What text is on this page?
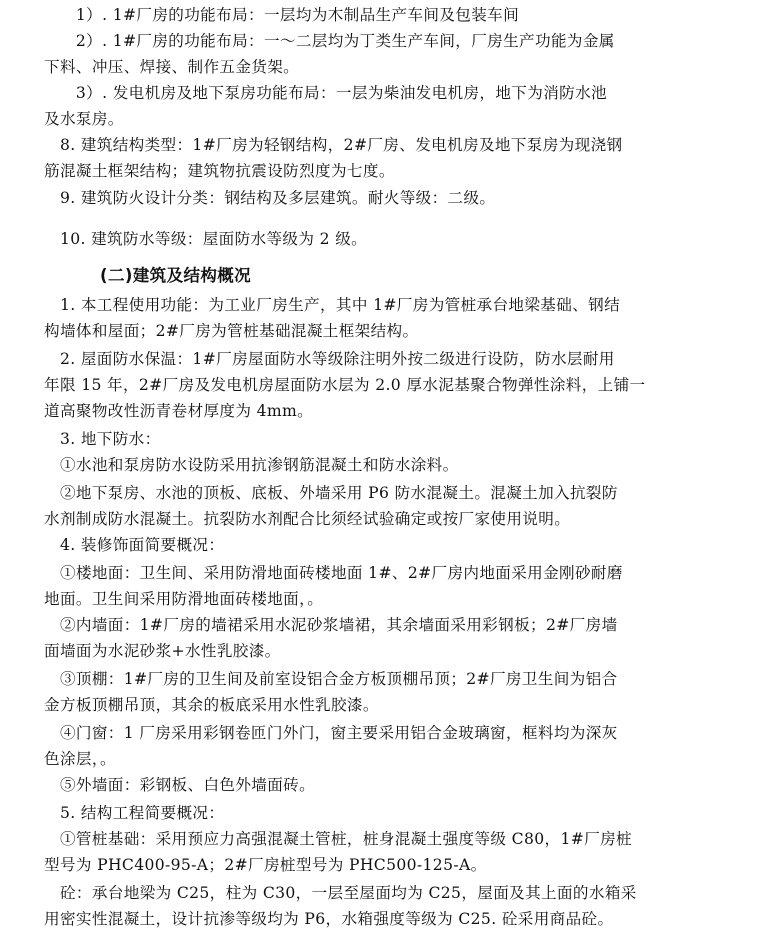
　　1）. 1#厂房的功能布局：一层均为木制品生产车间及包装车间
　　2）. 1#厂房的功能布局：一～二层均为丁类生产车间，厂房生产功能为金属
下料、冲压、焊接、制作五金货架。
　　3）. 发电机房及地下泵房功能布局：一层为柴油发电机房，地下为消防水池
及水泵房。
　8. 建筑结构类型：1#厂房为轻钢结构，2#厂房、发电机房及地下泵房为现浇钢
筋混凝土框架结构；建筑物抗震设防烈度为七度。
　9. 建筑防火设计分类：钢结构及多层建筑。耐火等级：二级。
　10. 建筑防水等级：屋面防水等级为 2 级。
(二)建筑及结构概况
　1. 本工程使用功能：为工业厂房生产，其中 1#厂房为管桩承台地梁基础、钢结
构墙体和屋面；2#厂房为管桩基础混凝土框架结构。
　2. 屋面防水保温：1#厂房屋面防水等级除注明外按二级进行设防，防水层耐用
年限 15 年，2#厂房及发电机房屋面防水层为 2.0 厚水泥基聚合物弹性涂料，上铺一
道高聚物改性沥青卷材厚度为 4mm。
　3. 地下防水：
　①水池和泵房防水设防采用抗渗钢筋混凝土和防水涂料。
　②地下泵房、水池的顶板、底板、外墙采用 P6 防水混凝土。混凝土加入抗裂防
水剂制成防水混凝土。抗裂防水剂配合比须经试验确定或按厂家使用说明。
　4. 装修饰面简要概况：
　①楼地面：卫生间、采用防滑地面砖楼地面 1#、2#厂房内地面采用金刚砂耐磨
地面。卫生间采用防滑地面砖楼地面，。
　②内墙面：1#厂房的墙裙采用水泥砂浆墙裙，其余墙面采用彩钢板；2#厂房墙
面墙面为水泥砂浆+水性乳胶漆。
　③顶棚：1#厂房的卫生间及前室设铝合金方板顶棚吊顶；2#厂房卫生间为铝合
金方板顶棚吊顶，其余的板底采用水性乳胶漆。
　④门窗：1 厂房采用彩钢卷匝门外门，窗主要采用铝合金玻璃窗，框料均为深灰
色涂层，。
　⑤外墙面：彩钢板、白色外墙面砖。
　5. 结构工程简要概况：
　①管桩基础：采用预应力高强混凝土管桩，桩身混凝土强度等级 C80，1#厂房桩
型号为 PHC400-95-A；2#厂房桩型号为 PHC500-125-A。
　砼：承台地梁为 C25，柱为 C30，一层至屋面均为 C25，屋面及其上面的水箱采
用密实性混凝土，设计抗渗等级均为 P6，水箱强度等级为 C25. 砼采用商品砼。
